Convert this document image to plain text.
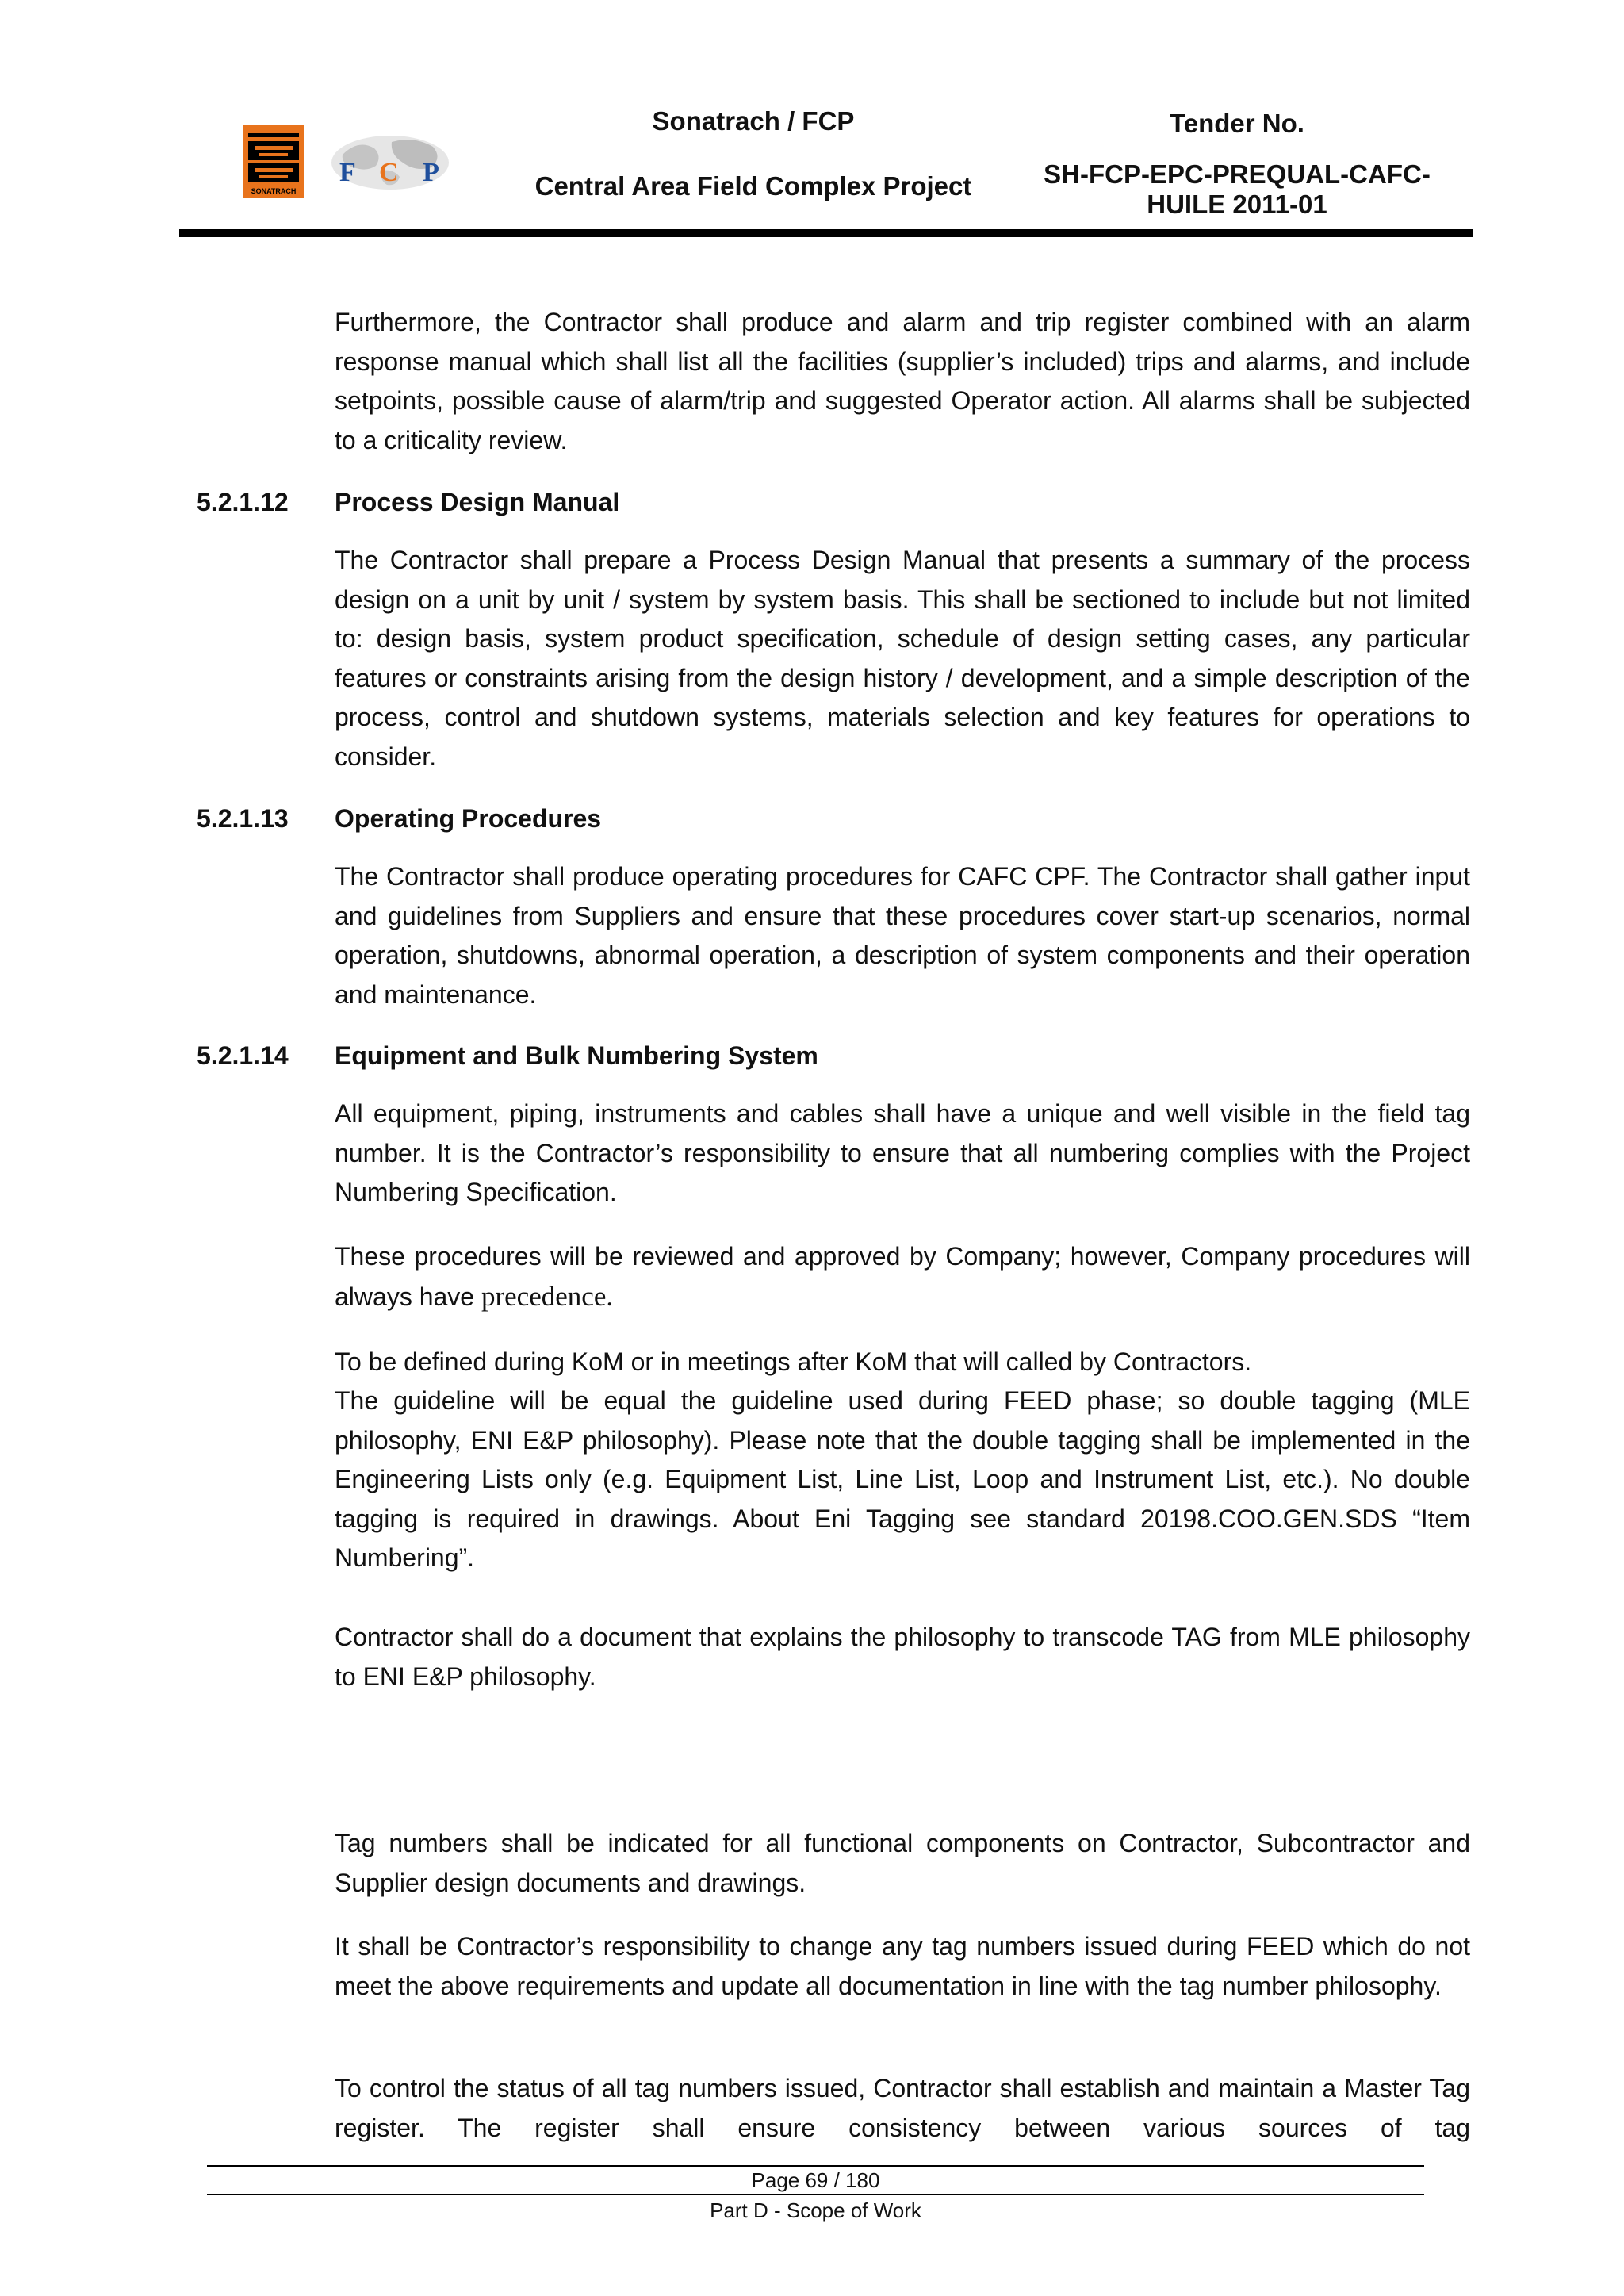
SONATRACH
F C P
Sonatrach / FCP
Central Area Field Complex Project
Tender No.
SH-FCP-EPC-PREQUAL-CAFC-
HUILE 2011-01
Furthermore, the Contractor shall produce and alarm and trip register combined with an alarm response manual which shall list all the facilities (supplier’s included) trips and alarms, and include setpoints, possible cause of alarm/trip and suggested Operator action. All alarms shall be subjected to a criticality review.
5.2.1.12 Process Design Manual
The Contractor shall prepare a Process Design Manual that presents a summary of the process design on a unit by unit / system by system basis. This shall be sectioned to include but not limited to: design basis, system product specification, schedule of design setting cases, any particular features or constraints arising from the design history / development, and a simple description of the process, control and shutdown systems, materials selection and key features for operations to consider.
5.2.1.13 Operating Procedures
The Contractor shall produce operating procedures for CAFC CPF. The Contractor shall gather input and guidelines from Suppliers and ensure that these procedures cover start-up scenarios, normal operation, shutdowns, abnormal operation, a description of system components and their operation and maintenance.
5.2.1.14 Equipment and Bulk Numbering System
All equipment, piping, instruments and cables shall have a unique and well visible in the field tag number. It is the Contractor’s responsibility to ensure that all numbering complies with the Project Numbering Specification.
These procedures will be reviewed and approved by Company; however, Company procedures will always have precedence.
To be defined during KoM or in meetings after KoM that will called by Contractors.
The guideline will be equal the guideline used during FEED phase; so double tagging (MLE philosophy, ENI E&P philosophy). Please note that the double tagging shall be implemented in the Engineering Lists only (e.g. Equipment List, Line List, Loop and Instrument List, etc.). No double tagging is required in drawings. About Eni Tagging see standard 20198.COO.GEN.SDS “Item Numbering”.
Contractor shall do a document that explains the philosophy to transcode TAG from MLE philosophy to ENI E&P philosophy.
Tag numbers shall be indicated for all functional components on Contractor, Subcontractor and Supplier design documents and drawings.
It shall be Contractor’s responsibility to change any tag numbers issued during FEED which do not meet the above requirements and update all documentation in line with the tag number philosophy.
To control the status of all tag numbers issued, Contractor shall establish and maintain a Master Tag register. The register shall ensure consistency between various sources of tag
Page 69 / 180
Part D - Scope of Work
